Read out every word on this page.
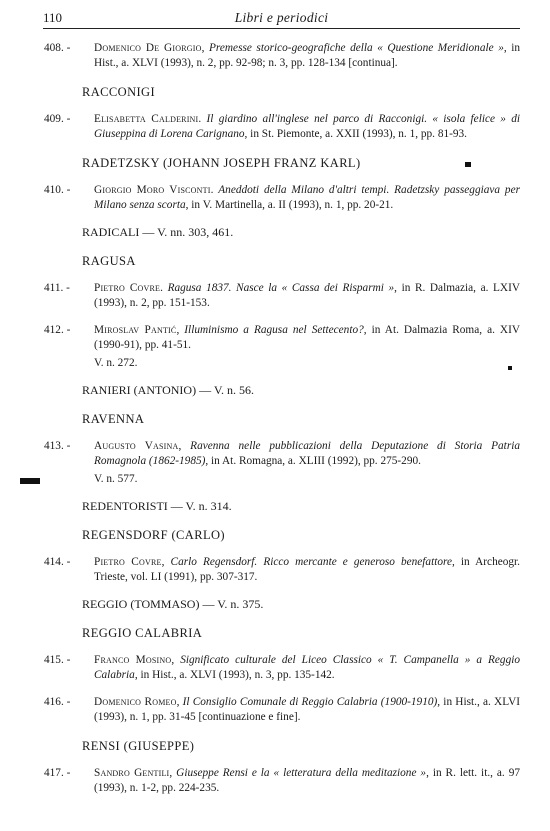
110	Libri e periodici
408. - Domenico De Giorgio, Premesse storico-geografiche della « Questione Meridionale », in Hist., a. XLVI (1993), n. 2, pp. 92-98; n. 3, pp. 128-134 [continua].
RACCONIGI
409. - Elisabetta Calderini. Il giardino all'inglese nel parco di Racconigi. « isola felice » di Giuseppina di Lorena Carignano, in St. Piemonte, a. XXII (1993), n. 1, pp. 81-93.
RADETZSKY (JOHANN JOSEPH FRANZ KARL)
410. - Giorgio Moro Visconti. Aneddoti della Milano d'altri tempi. Radetzsky passeggiava per Milano senza scorta, in V. Martinella, a. II (1993), n. 1, pp. 20-21.
RADICALI — V. nn. 303, 461.
RAGUSA
411. - Pietro Covre. Ragusa 1837. Nasce la « Cassa dei Risparmi », in R. Dalmazia, a. LXIV (1993), n. 2, pp. 151-153.
412. - Miroslav Pantić, Illuminismo a Ragusa nel Settecento?, in At. Dalmazia Roma, a. XIV (1990-91), pp. 41-51.
V. n. 272.
RANIERI (ANTONIO) — V. n. 56.
RAVENNA
413. - Augusto Vasina, Ravenna nelle pubblicazioni della Deputazione di Storia Patria Romagnola (1862-1985), in At. Romagna, a. XLIII (1992), pp. 275-290.
V. n. 577.
REDENTORISTI — V. n. 314.
REGENSDORF (CARLO)
414. - Pietro Covre, Carlo Regensdorf. Ricco mercante e generoso benefattore, in Archeogr. Trieste, vol. LI (1991), pp. 307-317.
REGGIO (TOMMASO) — V. n. 375.
REGGIO CALABRIA
415. - Franco Mosino, Significato culturale del Liceo Classico « T. Campanella » a Reggio Calabria, in Hist., a. XLVI (1993), n. 3, pp. 135-142.
416. - Domenico Romeo, Il Consiglio Comunale di Reggio Calabria (1900-1910), in Hist., a. XLVI (1993), n. 1, pp. 31-45 [continuazione e fine].
RENSI (GIUSEPPE)
417. - Sandro Gentili, Giuseppe Rensi e la « letteratura della meditazione », in R. lett. it., a. 97 (1993), n. 1-2, pp. 224-235.
